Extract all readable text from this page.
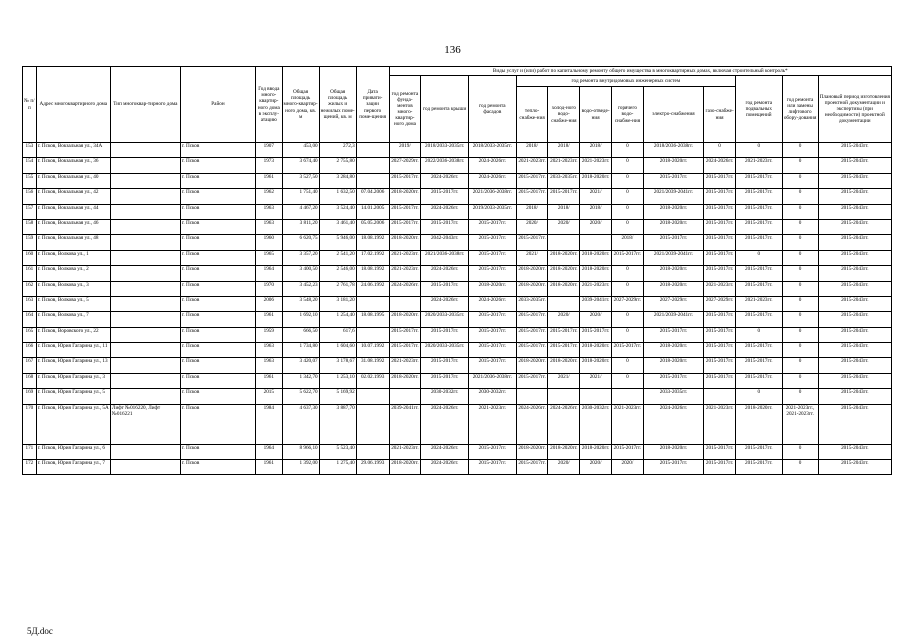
136
№ п/п	Адрес многоквартирного дома	Тип многоквар-тирного дома	Район	Год ввода много-квартир-ного дома в эксплу-атацию	Общая площадь много-квартир-ного дома, кв. м	Общая площадь жилых и нежилых поме-щений, кв. м	Дата привати-зации первого поме-щения	Виды услуг и (или) работ по капитальному ремонту общего имущества в многоквартирных домах, включая строительный контроль*											
								год ремонта фунда-ментов много-квартир-ного дома	год ремонта крыши	год ремонта фасадов	год ремонта внутридомовых инженерных систем						год ремонта подвальных помещений	год ремонта или замены лифтового обору-дования	Плановый период изготовления проектной документации и экспертизы (при необходимости) проектной документации
											тепло-снабже-ния	холод-ного водо-снабже-ния	водо-отведе-ния	горячего водо-снабже-ния	электро-снабжения	газо-снабже-ния			
153	г. Псков, Вокзальная ул., 34А		г. Псков	1907	453,00	272,3		2019/	2018/2033-2035гг.	2018/2033-2035гг.	2018/	2018/	2018/	0	2018/2036-2038гг.	0	0	0	2015-2043гг.
154	г. Псков, Вокзальная ул., 36		г. Псков	1973	3 674,40	2 755,80		2027-2029гг.	2022/2036-2038гг.	2024-2026гг.	2021-2023гг.	2021-2023гг.	2021-2023гг.	0	2018-2020гг.	2024-2026гг.	2021-2023гг.	0	2015-2043гг.
155	г. Псков, Вокзальная ул., 40		г. Псков	1961	3 527,50	3 284,80		2015-2017гг.	2024-2026гг.	2024-2026гг.	2015-2017гг.	2033-2035гг.	2018-2020гг.	0	2015-2017гг.	2015-2017гг.	2015-2017гг.	0	2015-2043гг.
156	г. Псков, Вокзальная ул., 42		г. Псков	1962	1 751,40	1 632,50	07.04.2006	2018-2020гг.	2015-2017гг.	2021/2036-2038гг.	2015-2017гг.	2015-2017гг.	2021/	0	2021/2039-2041гг.	2015-2017гг.	2015-2017гг.	0	2015-2043гг.
157	г. Псков, Вокзальная ул., 44		г. Псков	1963	4 467,20	3 524,40	14.01.2005	2015-2017гг.	2024-2026гг.	2019/2033-2035гг.	2018/	2018/	2018/	0	2018-2020гг.	2015-2017гг.	2015-2017гг.	0	2015-2043гг.
158	г. Псков, Вокзальная ул., 46		г. Псков	1963	3 811,20	3 461,40	05.05.2006	2015-2017гг.	2015-2017гг.	2015-2017гг.	2020/	2020/	2020/	0	2018-2020гг.	2015-2017гг.	2015-2017гг.	0	2015-2043гг.
159	г. Псков, Вокзальная ул., 48		г. Псков	1960	6 620,75	5 946,00	18.08.1992	2018-2020гг.	2042-2043гг.	2015-2017гг.	2015-2017гг.			2018/	2015-2017гг.	2015-2017гг.	2015-2017гг.	0	2015-2043гг.
160	г. Псков, Волкова ул., 1		г. Псков	1965	3 357,20	2 541,20	17.02.1992	2021-2023гг.	2021/2036-2038гг.	2015-2017гг.	2021/	2018-2020гг.	2018-2020гг.	2015-2017гг.	2021/2039-2041гг.	2015-2017гг.	0	0	2015-2043гг.
161	г. Псков, Волкова ул., 2		г. Псков	1964	3 400,50	2 546,00	18.08.1992	2021-2023гг.	2024-2026гг.	2015-2017гг.	2018-2020гг.	2018-2020гг.	2018-2020гг.	0	2018-2020гг.	2015-2017гг.	2015-2017гг.	0	2015-2043гг.
162	г. Псков, Волкова ул., 3		г. Псков	1970	3 452,23	2 761,78	24.06.1992	2024-2026гг.	2015-2017гг.	2018-2020гг.	2018-2020гг.	2018-2020гг.	2021-2023гг.	0	2018-2020гг.	2021-2023гг.	2015-2017гг.	0	2015-2043гг.
163	г. Псков, Волкова ул., 5		г. Псков	2006	3 548,20	3 181,20			2024-2026гг.	2024-2026гг.	2033-2035гг.		2039-2041гг.	2027-2029гг.	2027-2029гг.	2027-2029гг.	2021-2023гг.	0	2015-2043гг.
164	г. Псков, Волкова ул., 7		г. Псков	1961	1 692,10	1 254,40	18.08.1995	2018-2020гг.	2020/2033-2035гг.	2015-2017гг.	2015-2017гг.	2020/	2020/	0	2021/2039-2041гг.	2015-2017гг.	2015-2017гг.	0	2015-2043гг.
165	г. Псков, Воровского ул., 22		г. Псков	1959	666,50	617,6		2015-2017гг.	2015-2017гг.	2015-2017гг.	2015-2017гг.	2015-2017гг.	2015-2017гг.	0	2015-2017гг.	2015-2017гг.	0	0	2015-2043гг.
166	г. Псков, Юрия Гагарина ул., 11		г. Псков	1963	1 734,80	1 604,60	10.07.1992	2015-2017гг.	2020/2033-2035гг.	2015-2017гг.	2015-2017гг.	2015-2017гг.	2018-2020гг.	2015-2017гг.	2018-2020гг.	2015-2017гг.	2015-2017гг.	0	2015-2043гг.
167	г. Псков, Юрия Гагарина ул., 13		г. Псков	1963	3 420,07	3 178,67	31.08.1992	2021-2023гг.	2015-2017гг.	2015-2017гг.	2018-2020гг.	2018-2020гг.	2018-2020гг.	0	2018-2020гг.	2015-2017гг.	2015-2017гг.	0	2015-2043гг.
168	г. Псков, Юрия Гагарина ул., 3		г. Псков	1961	1 342,70	1 253,10	02.02.1993	2018-2020гг.	2015-2017гг.	2021/2036-2038гг.	2015-2017гг.	2021/	2021/	0	2015-2017гг.	2015-2017гг.	2015-2017гг.	0	2015-2043гг.
169	г. Псков, Юрия Гагарина ул., 5		г. Псков	2015	5 622,70	5 169,92			2030-2032гг.	2030-2032гг.					2033-2035гг.		0	0	2015-2043гг.
170	г. Псков, Юрия Гагарина ул., 5А	Лифт №016220, Лифт №016221	г. Псков	1984	4 637,30	3 887,70		2039-2041гг.	2024-2026гг.	2021-2023гг.	2024-2026гг.	2024-2026гг.	2030-2032гг.	2021-2023гг.	2024-2026гг.	2021-2023гг.	2018-2020гг.	2021-2023гг., 2021-2023гг.	2015-2043гг.
171	г. Псков, Юрия Гагарина ул., 6		г. Псков	1964	8 966,10	5 523,40		2021-2023гг.	2024-2026гг.	2015-2017гг.	2018-2020гг.	2018-2020гг.	2018-2020гг.	2015-2017гг.	2018-2020гг.	2015-2017гг.	2015-2017гг.	0	2015-2043гг.
172	г. Псков, Юрия Гагарина ул., 7		г. Псков	1961	1 392,00	1 275,40	29.06.1993	2018-2020гг.	2024-2026гг.	2015-2017гг.	2015-2017гг.	2020/	2020/	2020/	2015-2017гг.	2015-2017гг.	2015-2017гг.	0	2015-2043гг.
5Д.doc
